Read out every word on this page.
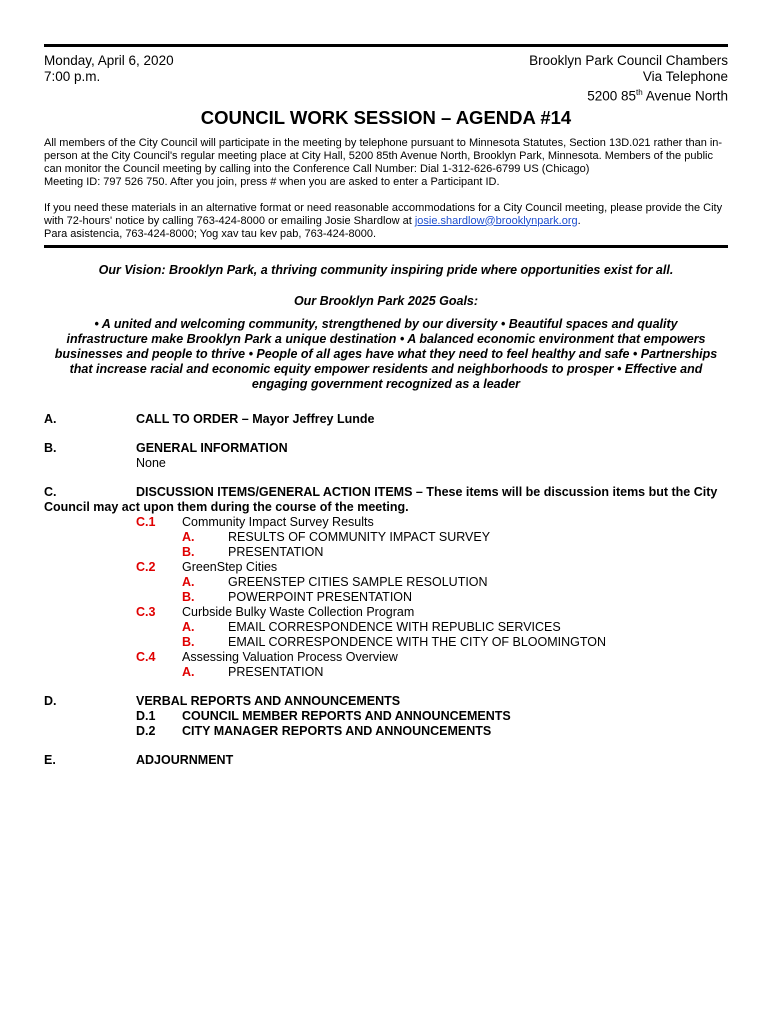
Monday, April 6, 2020
7:00 p.m.
Brooklyn Park Council Chambers
Via Telephone
5200 85th Avenue North
COUNCIL WORK SESSION – AGENDA #14

All members of the City Council will participate in the meeting by telephone pursuant to Minnesota Statutes, Section 13D.021 rather than in-person at the City Council's regular meeting place at City Hall, 5200 85th Avenue North, Brooklyn Park, Minnesota. Members of the public can monitor the Council meeting by calling into the Conference Call Number: Dial 1-312-626-6799 US (Chicago)
Meeting ID: 797 526 750. After you join, press # when you are asked to enter a Participant ID.

If you need these materials in an alternative format or need reasonable accommodations for a City Council meeting, please provide the City with 72-hours' notice by calling 763-424-8000 or emailing Josie Shardlow at josie.shardlow@brooklynpark.org.
Para asistencia, 763-424-8000; Yog xav tau kev pab, 763-424-8000.

Our Vision: Brooklyn Park, a thriving community inspiring pride where opportunities exist for all.
Our Brooklyn Park 2025 Goals:
• A united and welcoming community, strengthened by our diversity • Beautiful spaces and quality infrastructure make Brooklyn Park a unique destination • A balanced economic environment that empowers businesses and people to thrive • People of all ages have what they need to feel healthy and safe • Partnerships that increase racial and economic equity empower residents and neighborhoods to prosper • Effective and engaging government recognized as a leader
A.	CALL TO ORDER – Mayor Jeffrey Lunde
B.	GENERAL INFORMATION
None
C.	DISCUSSION ITEMS/GENERAL ACTION ITEMS – These items will be discussion items but the City Council may act upon them during the course of the meeting.
C.1	Community Impact Survey Results
A.	RESULTS OF COMMUNITY IMPACT SURVEY
B.	PRESENTATION
C.2	GreenStep Cities
A.	GREENSTEP CITIES SAMPLE RESOLUTION
B.	POWERPOINT PRESENTATION
C.3	Curbside Bulky Waste Collection Program
A.	EMAIL CORRESPONDENCE WITH REPUBLIC SERVICES
B.	EMAIL CORRESPONDENCE WITH THE CITY OF BLOOMINGTON
C.4	Assessing Valuation Process Overview
A.	PRESENTATION
D.	VERBAL REPORTS AND ANNOUNCEMENTS
D.1	COUNCIL MEMBER REPORTS AND ANNOUNCEMENTS
D.2	CITY MANAGER REPORTS AND ANNOUNCEMENTS
E.	ADJOURNMENT
